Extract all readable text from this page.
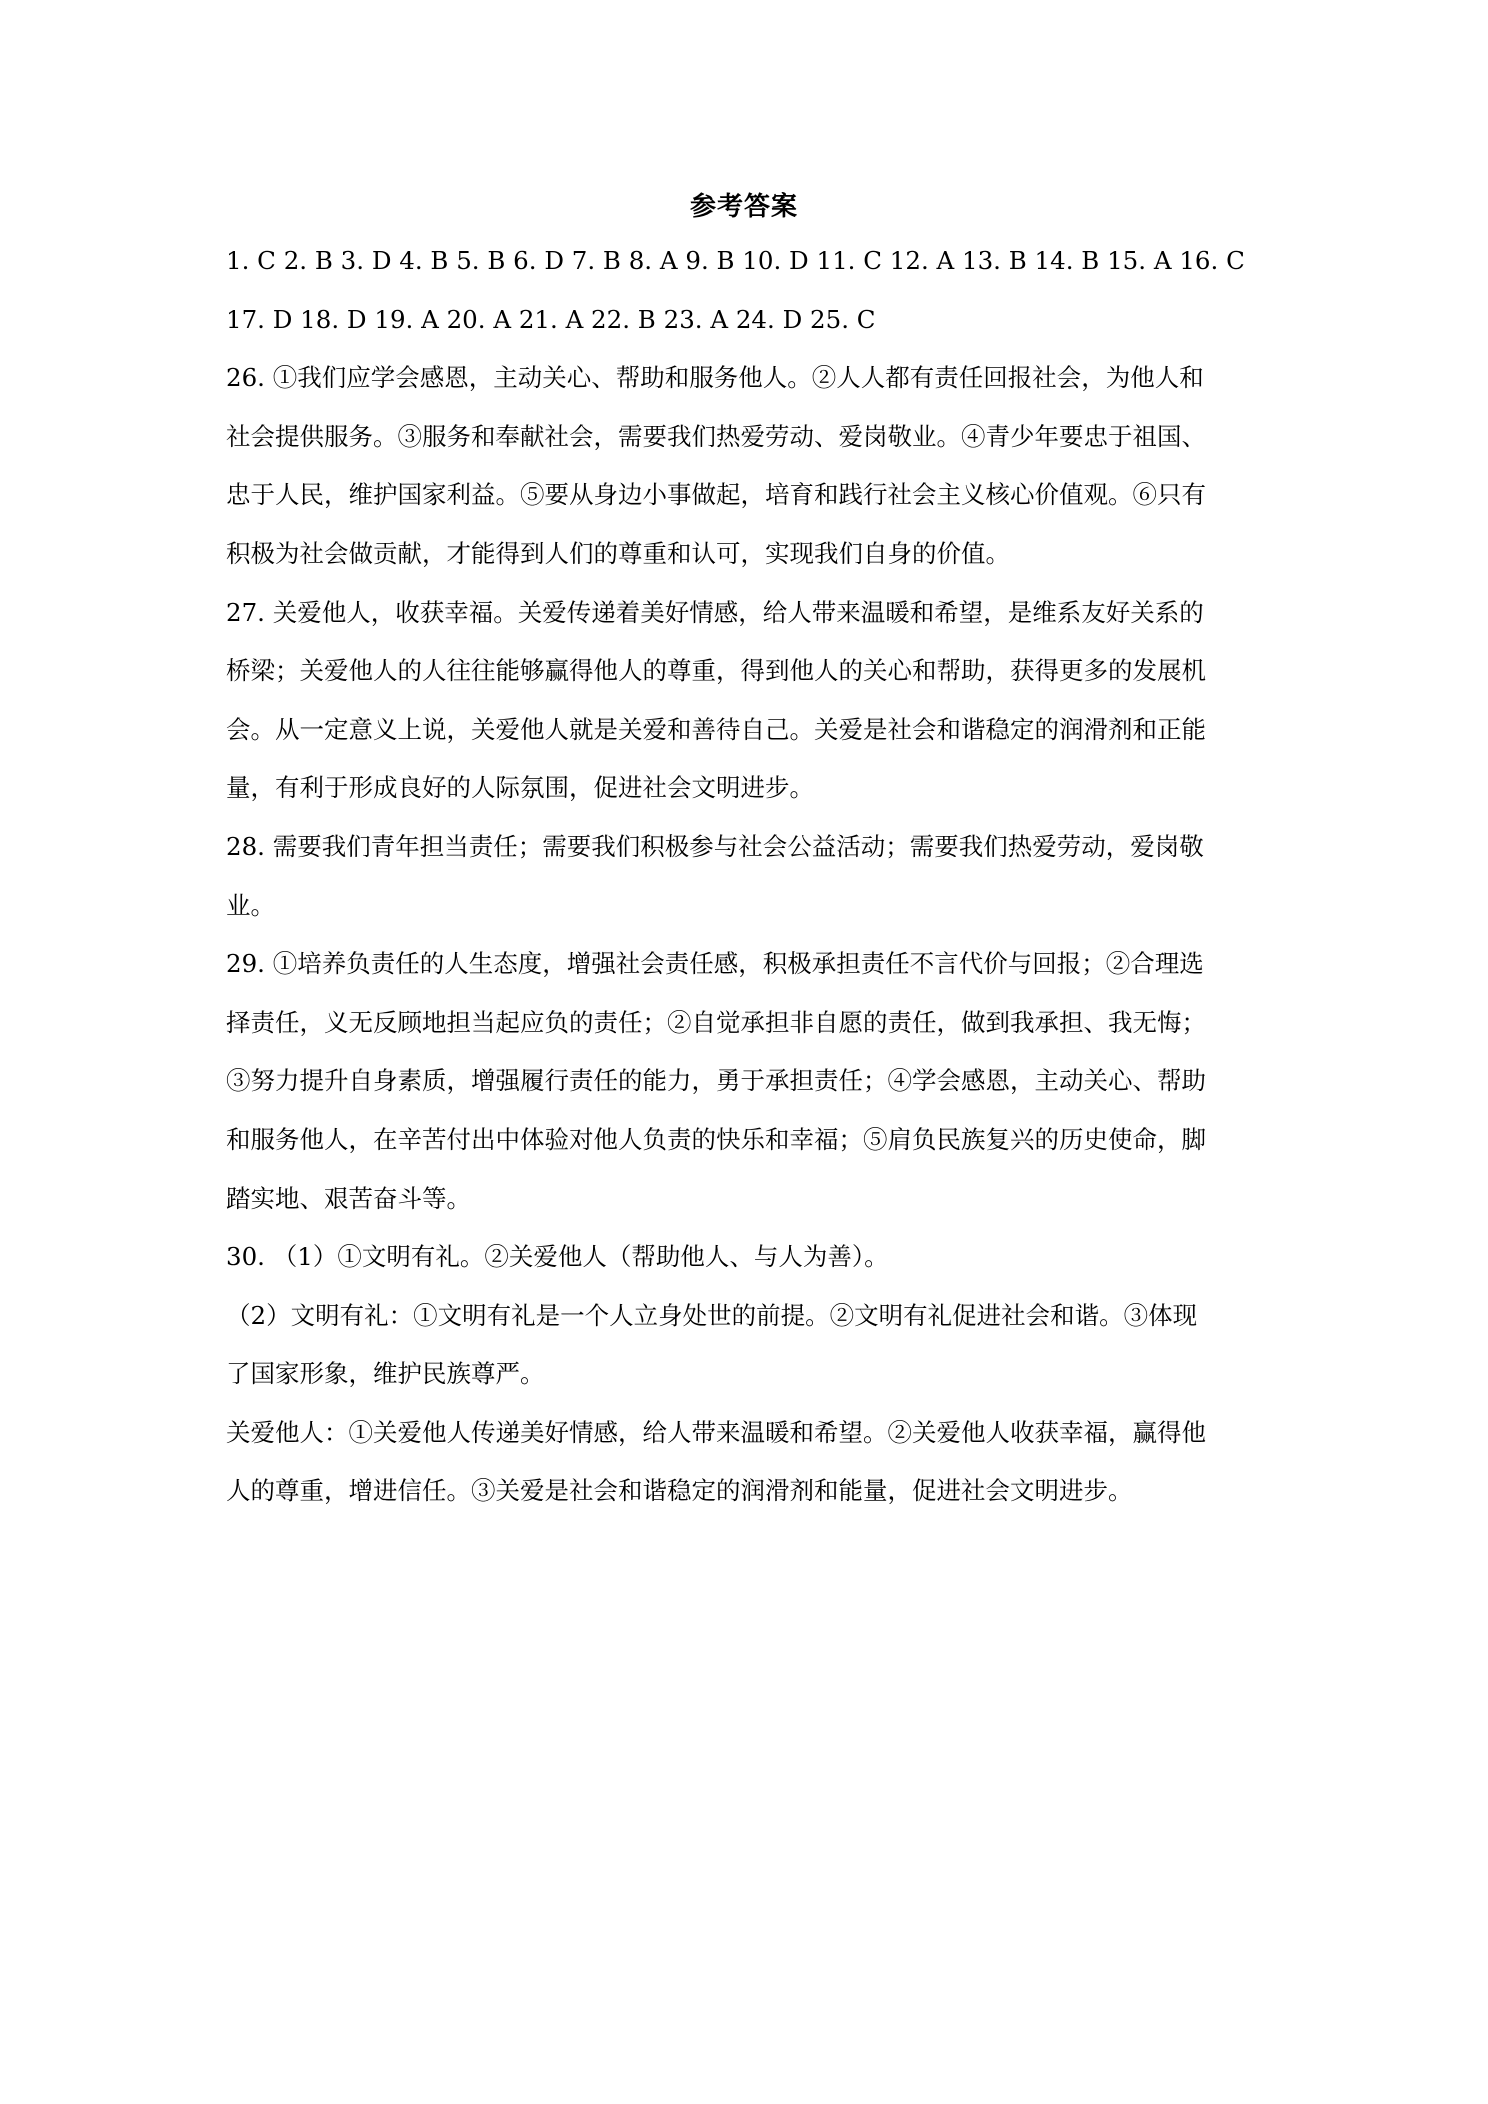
参考答案
1. C 2. B 3. D 4. B 5. B 6. D 7. B 8. A 9. B 10. D 11. C 12. A 13. B 14. B 15. A 16. C
17. D 18. D 19. A 20. A 21. A 22. B 23. A 24. D 25. C
26. ①我们应学会感恩，主动关心、帮助和服务他人。②人人都有责任回报社会，为他人和
社会提供服务。③服务和奉献社会，需要我们热爱劳动、爱岗敬业。④青少年要忠于祖国、
忠于人民，维护国家利益。⑤要从身边小事做起，培育和践行社会主义核心价值观。⑥只有
积极为社会做贡献，才能得到人们的尊重和认可，实现我们自身的价值。
27. 关爱他人，收获幸福。关爱传递着美好情感，给人带来温暖和希望，是维系友好关系的
桥梁；关爱他人的人往往能够赢得他人的尊重，得到他人的关心和帮助，获得更多的发展机
会。从一定意义上说，关爱他人就是关爱和善待自己。关爱是社会和谐稳定的润滑剂和正能
量，有利于形成良好的人际氛围，促进社会文明进步。
28. 需要我们青年担当责任；需要我们积极参与社会公益活动；需要我们热爱劳动，爱岗敬
业。
29. ①培养负责任的人生态度，增强社会责任感，积极承担责任不言代价与回报；②合理选
择责任，义无反顾地担当起应负的责任；②自觉承担非自愿的责任，做到我承担、我无悔；
③努力提升自身素质，增强履行责任的能力，勇于承担责任；④学会感恩，主动关心、帮助
和服务他人，在辛苦付出中体验对他人负责的快乐和幸福；⑤肩负民族复兴的历史使命，脚
踏实地、艰苦奋斗等。
30. （1）①文明有礼。②关爱他人（帮助他人、与人为善）。
（2）文明有礼：①文明有礼是一个人立身处世的前提。②文明有礼促进社会和谐。③体现
了国家形象，维护民族尊严。
关爱他人：①关爱他人传递美好情感，给人带来温暖和希望。②关爱他人收获幸福，赢得他
人的尊重，增进信任。③关爱是社会和谐稳定的润滑剂和能量，促进社会文明进步。
